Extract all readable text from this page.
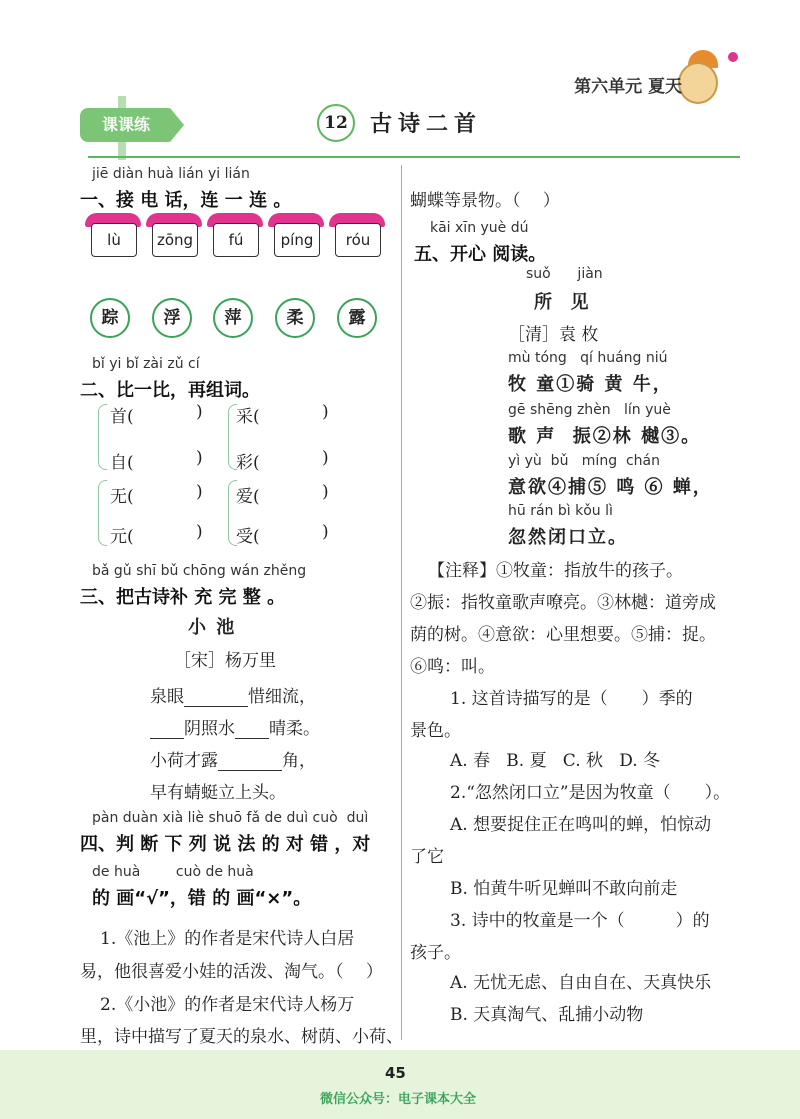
第六单元 夏天
课课练	12	古诗二首
jiē diàn huà lián yi lián
一、接 电 话，连 一 连 。
lù	zōng	fú	píng	róu
踪	浮	萍	柔	露
bǐ yi bǐ zài zǔ cí
二、比一比，再组词。
首(	) 采(	)
自(	) 彩(	)
无(	) 爱(	)
元(	) 受(	)
bǎ gǔ shī bǔ chōng wán zhěng
三、把古诗补 充 完 整 。
小 池
［宋］杨万里
泉眼	惜细流，
阴照水 晴柔。
小荷才露	角，
早有蜻蜓立上头。
pàn duàn xià liè shuō fǎ de duì cuò  duì
四、判 断 下 列 说 法 的 对 错 ，对
de huà        cuò de huà
的 画“√”，错 的 画“×”。
1.《池上》的作者是宋代诗人白居
易，他很喜爱小娃的活泼、淘气。（　 ）
2.《小池》的作者是宋代诗人杨万
里，诗中描写了夏天的泉水、树荫、小荷、
蝴蝶等景物。（　 ）
kāi xīn yuè dú
五、开心 阅读。
suǒ      jiàn
所  见
［清］袁 枚
mù tóng   qí huáng niú
牧 童①骑 黄 牛，
gē shēng zhèn   lín yuè
歌 声  振②林 樾③。
yì yù  bǔ   míng  chán
意欲④捕⑤ 鸣 ⑥ 蝉，
hū rán bì kǒu lì
忽然闭口立。
【注释】①牧童：指放牛的孩子。
②振：指牧童歌声嘹亮。③林樾：道旁成
荫的树。④意欲：心里想要。⑤捕：捉。
⑥鸣：叫。
1. 这首诗描写的是（　　）季的
景色。
A. 春   B. 夏   C. 秋   D. 冬
2.“忽然闭口立”是因为牧童（　　）。
A. 想要捉住正在鸣叫的蝉，怕惊动
了它
B. 怕黄牛听见蝉叫不敢向前走
3. 诗中的牧童是一个（　　　）的
孩子。
A. 无忧无虑、自由自在、天真快乐
B. 天真淘气、乱捕小动物
45
微信公众号：电子课本大全
